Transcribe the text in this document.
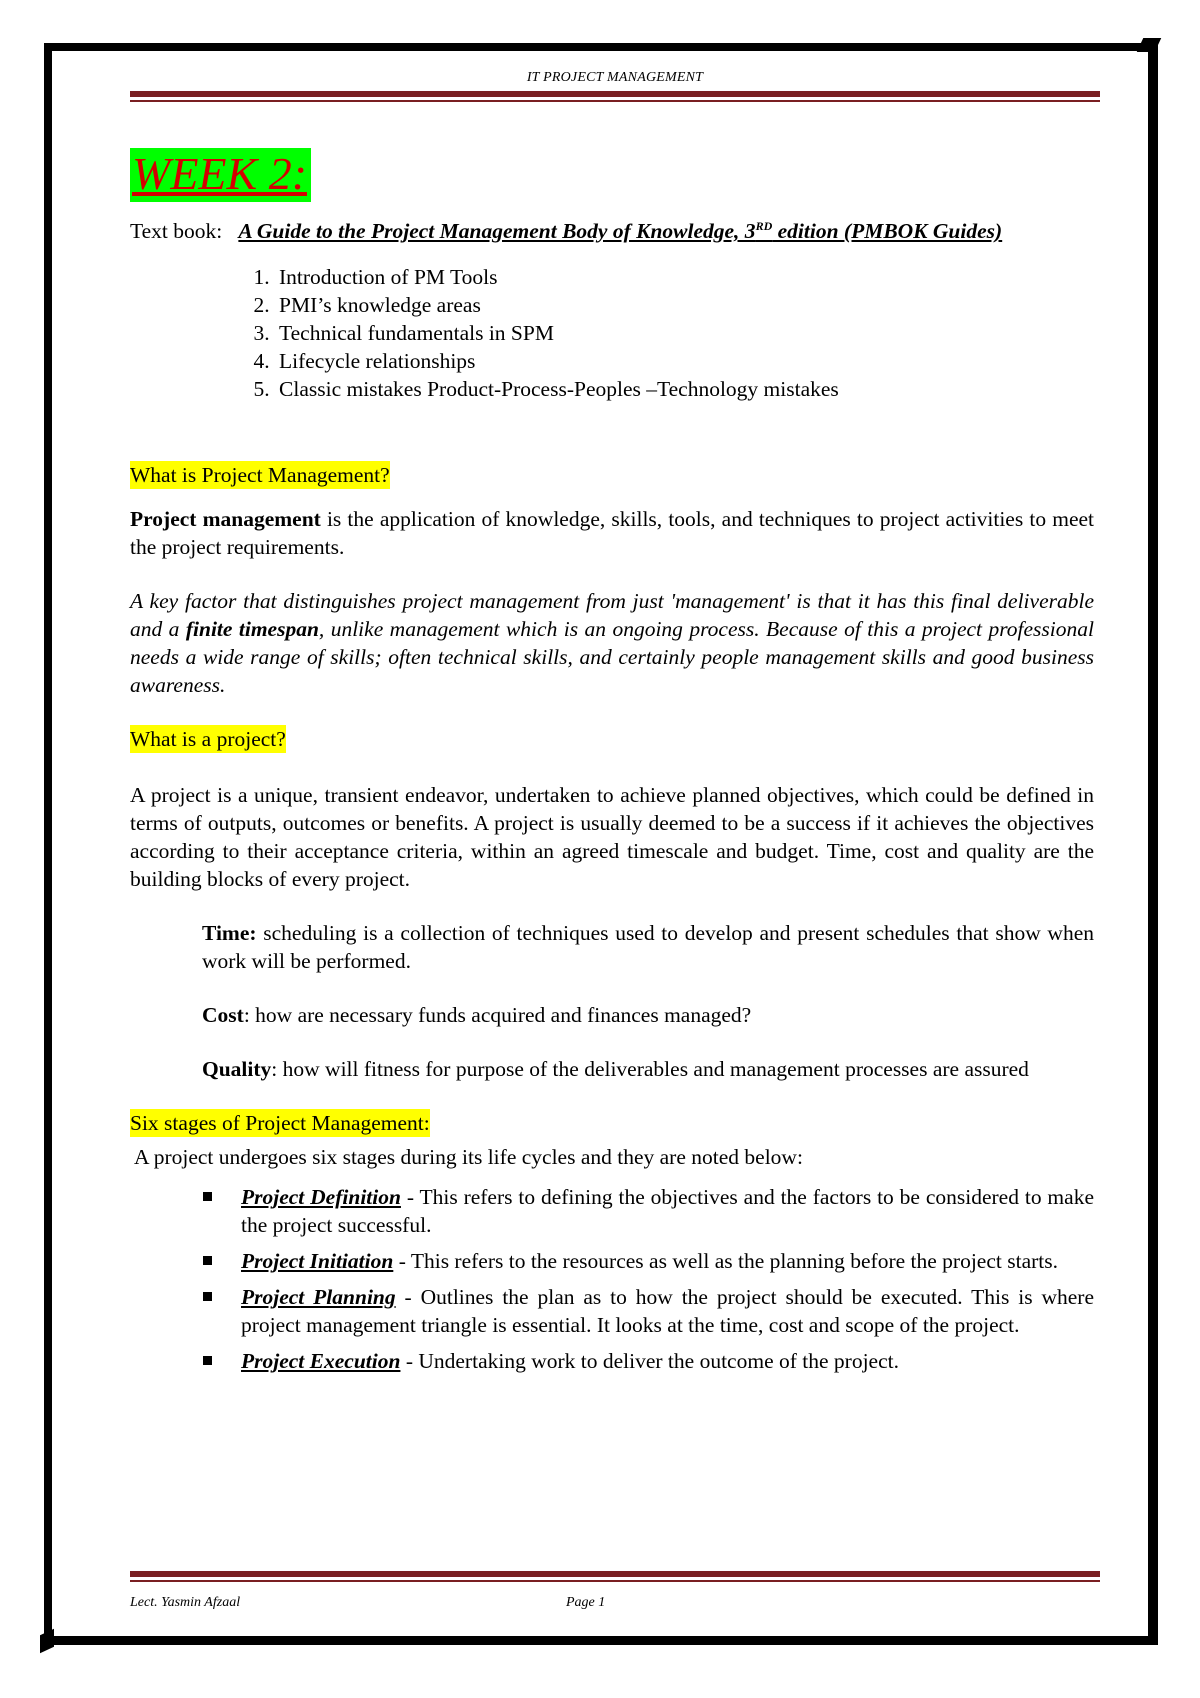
IT PROJECT MANAGEMENT
WEEK 2:

Text book: A Guide to the Project Management Body of Knowledge, 3RD edition (PMBOK Guides)

1. Introduction of PM Tools
2. PMI’s knowledge areas
3. Technical fundamentals in SPM
4. Lifecycle relationships
5. Classic mistakes Product-Process-Peoples –Technology mistakes
What is Project Management?

Project management is the application of knowledge, skills, tools, and techniques to project activities to meet the project requirements.

A key factor that distinguishes project management from just 'management' is that it has this final deliverable and a finite timespan, unlike management which is an ongoing process. Because of this a project professional needs a wide range of skills; often technical skills, and certainly people management skills and good business awareness.

What is a project?

A project is a unique, transient endeavor, undertaken to achieve planned objectives, which could be defined in terms of outputs, outcomes or benefits. A project is usually deemed to be a success if it achieves the objectives according to their acceptance criteria, within an agreed timescale and budget. Time, cost and quality are the building blocks of every project.

Time: scheduling is a collection of techniques used to develop and present schedules that show when work will be performed.

Cost: how are necessary funds acquired and finances managed?

Quality: how will fitness for purpose of the deliverables and management processes are assured

Six stages of Project Management:

A project undergoes six stages during its life cycles and they are noted below:

Project Definition - This refers to defining the objectives and the factors to be considered to make the project successful.
Project Initiation - This refers to the resources as well as the planning before the project starts.
Project Planning - Outlines the plan as to how the project should be executed. This is where project management triangle is essential. It looks at the time, cost and scope of the project.
Project Execution - Undertaking work to deliver the outcome of the project.
Lect. Yasmin Afzaal	Page 1
